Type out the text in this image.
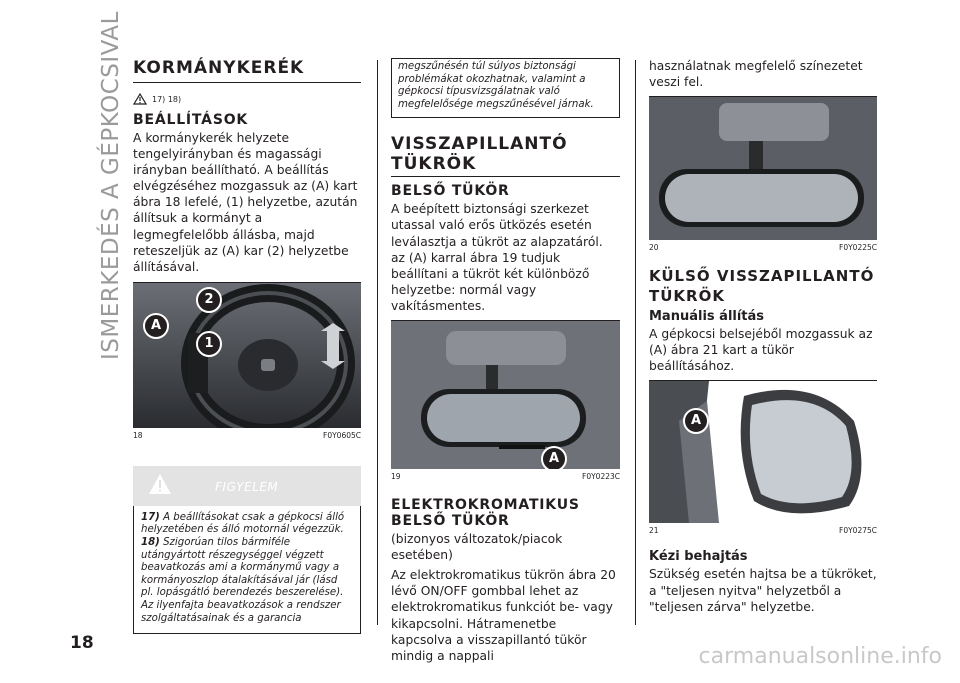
ISMERKEDÉS A GÉPKOCSIVAL KORMÁNYKERÉK
17) 18)
BEÁLLÍTÁSOK

A kormánykerék helyzete tengelyirányban és magassági irányban beállítható. A beállítás elvégzéséhez mozgassuk az (A) kart ábra 18 lefelé, (1) helyzetbe, azután állítsuk a kormányt a legmegfelelőbb állásba, majd reteszeljük az (A) kar (2) helyzetbe állításával.

A
1
2
18	F0Y0605C
FIGYELEM

17) A beállításokat csak a gépkocsi álló helyzetében és álló motornál végezzük.

18) Szigorúan tilos bármiféle utángyártott részegységgel végzett beavatkozás ami a kormánymű vagy a kormányoszlop átalakításával jár (lásd pl. lopásgátló berendezés beszerelése). Az ilyenfajta beavatkozások a rendszer szolgáltatásainak és a garancia

megszűnésén túl súlyos biztonsági problémákat okozhatnak, valamint a gépkocsi típusvizsgálatnak való megfelelősége megszűnésével járnak.

VISSZAPILLANTÓ TÜKRÖK
BELSŐ TÜKÖR

A beépített biztonsági szerkezet utassal való erős ütközés esetén leválasztja a tükröt az alapzatáról. az (A) karral ábra 19 tudjuk beállítani a tükröt két különböző helyzetbe: normál vagy vakításmentes.

A
19	F0Y0223C
ELEKTROKROMATIKUS BELSŐ TÜKÖR

(bizonyos változatok/piacok esetében)

Az elektrokromatikus tükrön ábra 20 lévő ON/OFF gombbal lehet az elektrokromatikus funkciót be- vagy kikapcsolni. Hátramenetbe kapcsolva a visszapillantó tükör mindig a nappali

használatnak megfelelő színezetet veszi fel.

20	F0Y0225C
KÜLSŐ VISSZAPILLANTÓ TÜKRÖK
Manuális állítás

A gépkocsi belsejéből mozgassuk az (A) ábra 21 kart a tükör beállításához.

A
21	F0Y0275C
Kézi behajtás

Szükség esetén hajtsa be a tükröket, a "teljesen nyitva" helyzetből a "teljesen zárva" helyzetbe.

18
carmanualsonline.info
